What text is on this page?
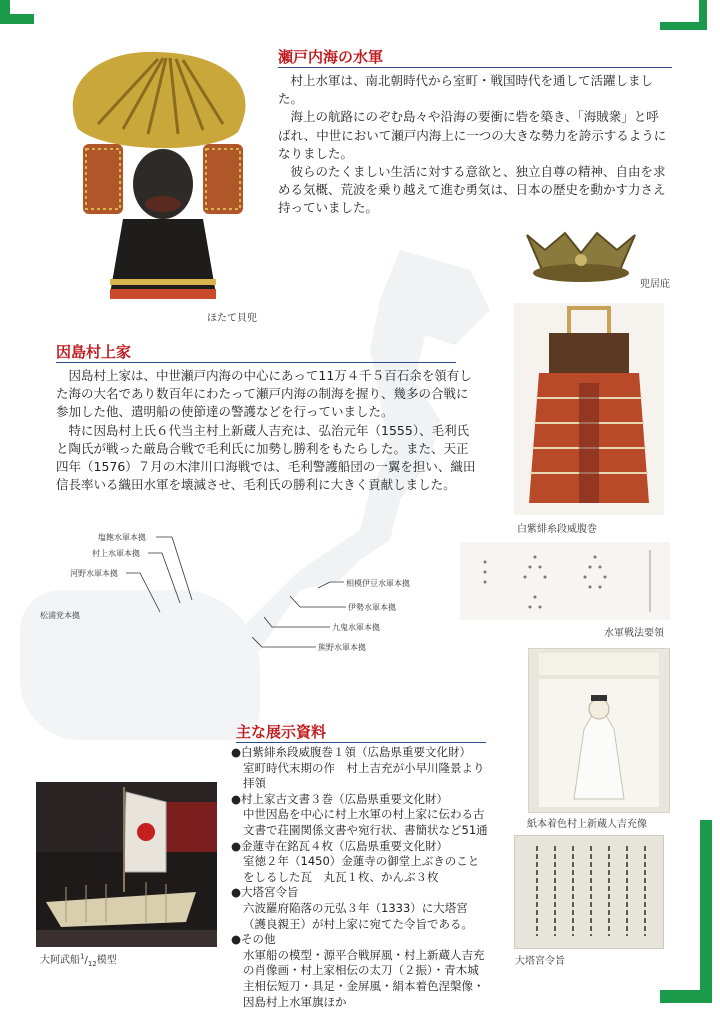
ほたて貝兜
瀬戸内海の水軍

村上水軍は、南北朝時代から室町・戦国時代を通して活躍しました。

海上の航路にのぞむ島々や沿海の要衝に砦を築き、「海賊衆」と呼ばれ、中世において瀬戸内海上に一つの大きな勢力を誇示するようになりました。

彼らのたくましい生活に対する意欲と、独立自尊の精神、自由を求める気概、荒波を乗り越えて進む勇気は、日本の歴史を動かす力さえ持っていました。

兜居庇
因島村上家

因島村上家は、中世瀬戸内海の中心にあって11万４千５百石余を領有した海の大名であり数百年にわたって瀬戸内海の制海を握り、幾多の合戦に参加した他、遣明船の使節達の警護などを行っていました。

特に因島村上氏６代当主村上新蔵人吉充は、弘治元年（1555）、毛利氏と陶氏が戦った厳島合戦で毛利氏に加勢し勝利をもたらした。また、天正四年（1576）７月の木津川口海戦では、毛利警護船団の一翼を担い、織田信長率いる織田水軍を壊滅させ、毛利氏の勝利に大きく貢献しました。

白紫緋糸段威腹巻
水軍戦法要領
塩飽水軍本拠
村上水軍本拠
河野水軍本拠
松浦党本拠
相模伊豆水軍本拠
伊勢水軍本拠
九鬼水軍本拠
熊野水軍本拠
紙本着色村上新蔵人吉充像
主な展示資料
●白紫緋糸段威腹巻１領（広島県重要文化財）
室町時代末期の作　村上吉充が小早川隆景より拝領
●村上家古文書３巻（広島県重要文化財）
中世因島を中心に村上水軍の村上家に伝わる古文書で荘園関係文書や宛行状、書簡状など51通
●金蓮寺在銘瓦４枚（広島県重要文化財）
室徳２年（1450）金蓮寺の御堂上ぶきのことをしるした瓦　丸瓦１枚、かんぶ３枚
●大塔宮令旨
六波羅府陥落の元弘３年（1333）に大塔宮（護良親王）が村上家に宛てた令旨である。
●その他
水軍船の模型・源平合戦屏風・村上新蔵人吉充の肖像画・村上家相伝の太刀（２振）・青木城主相伝短刀・具足・金屏風・絹本着色涅槃像・因島村上水軍旗ほか
大阿武船$^1/_{12}$模型	大塔宮令旨
